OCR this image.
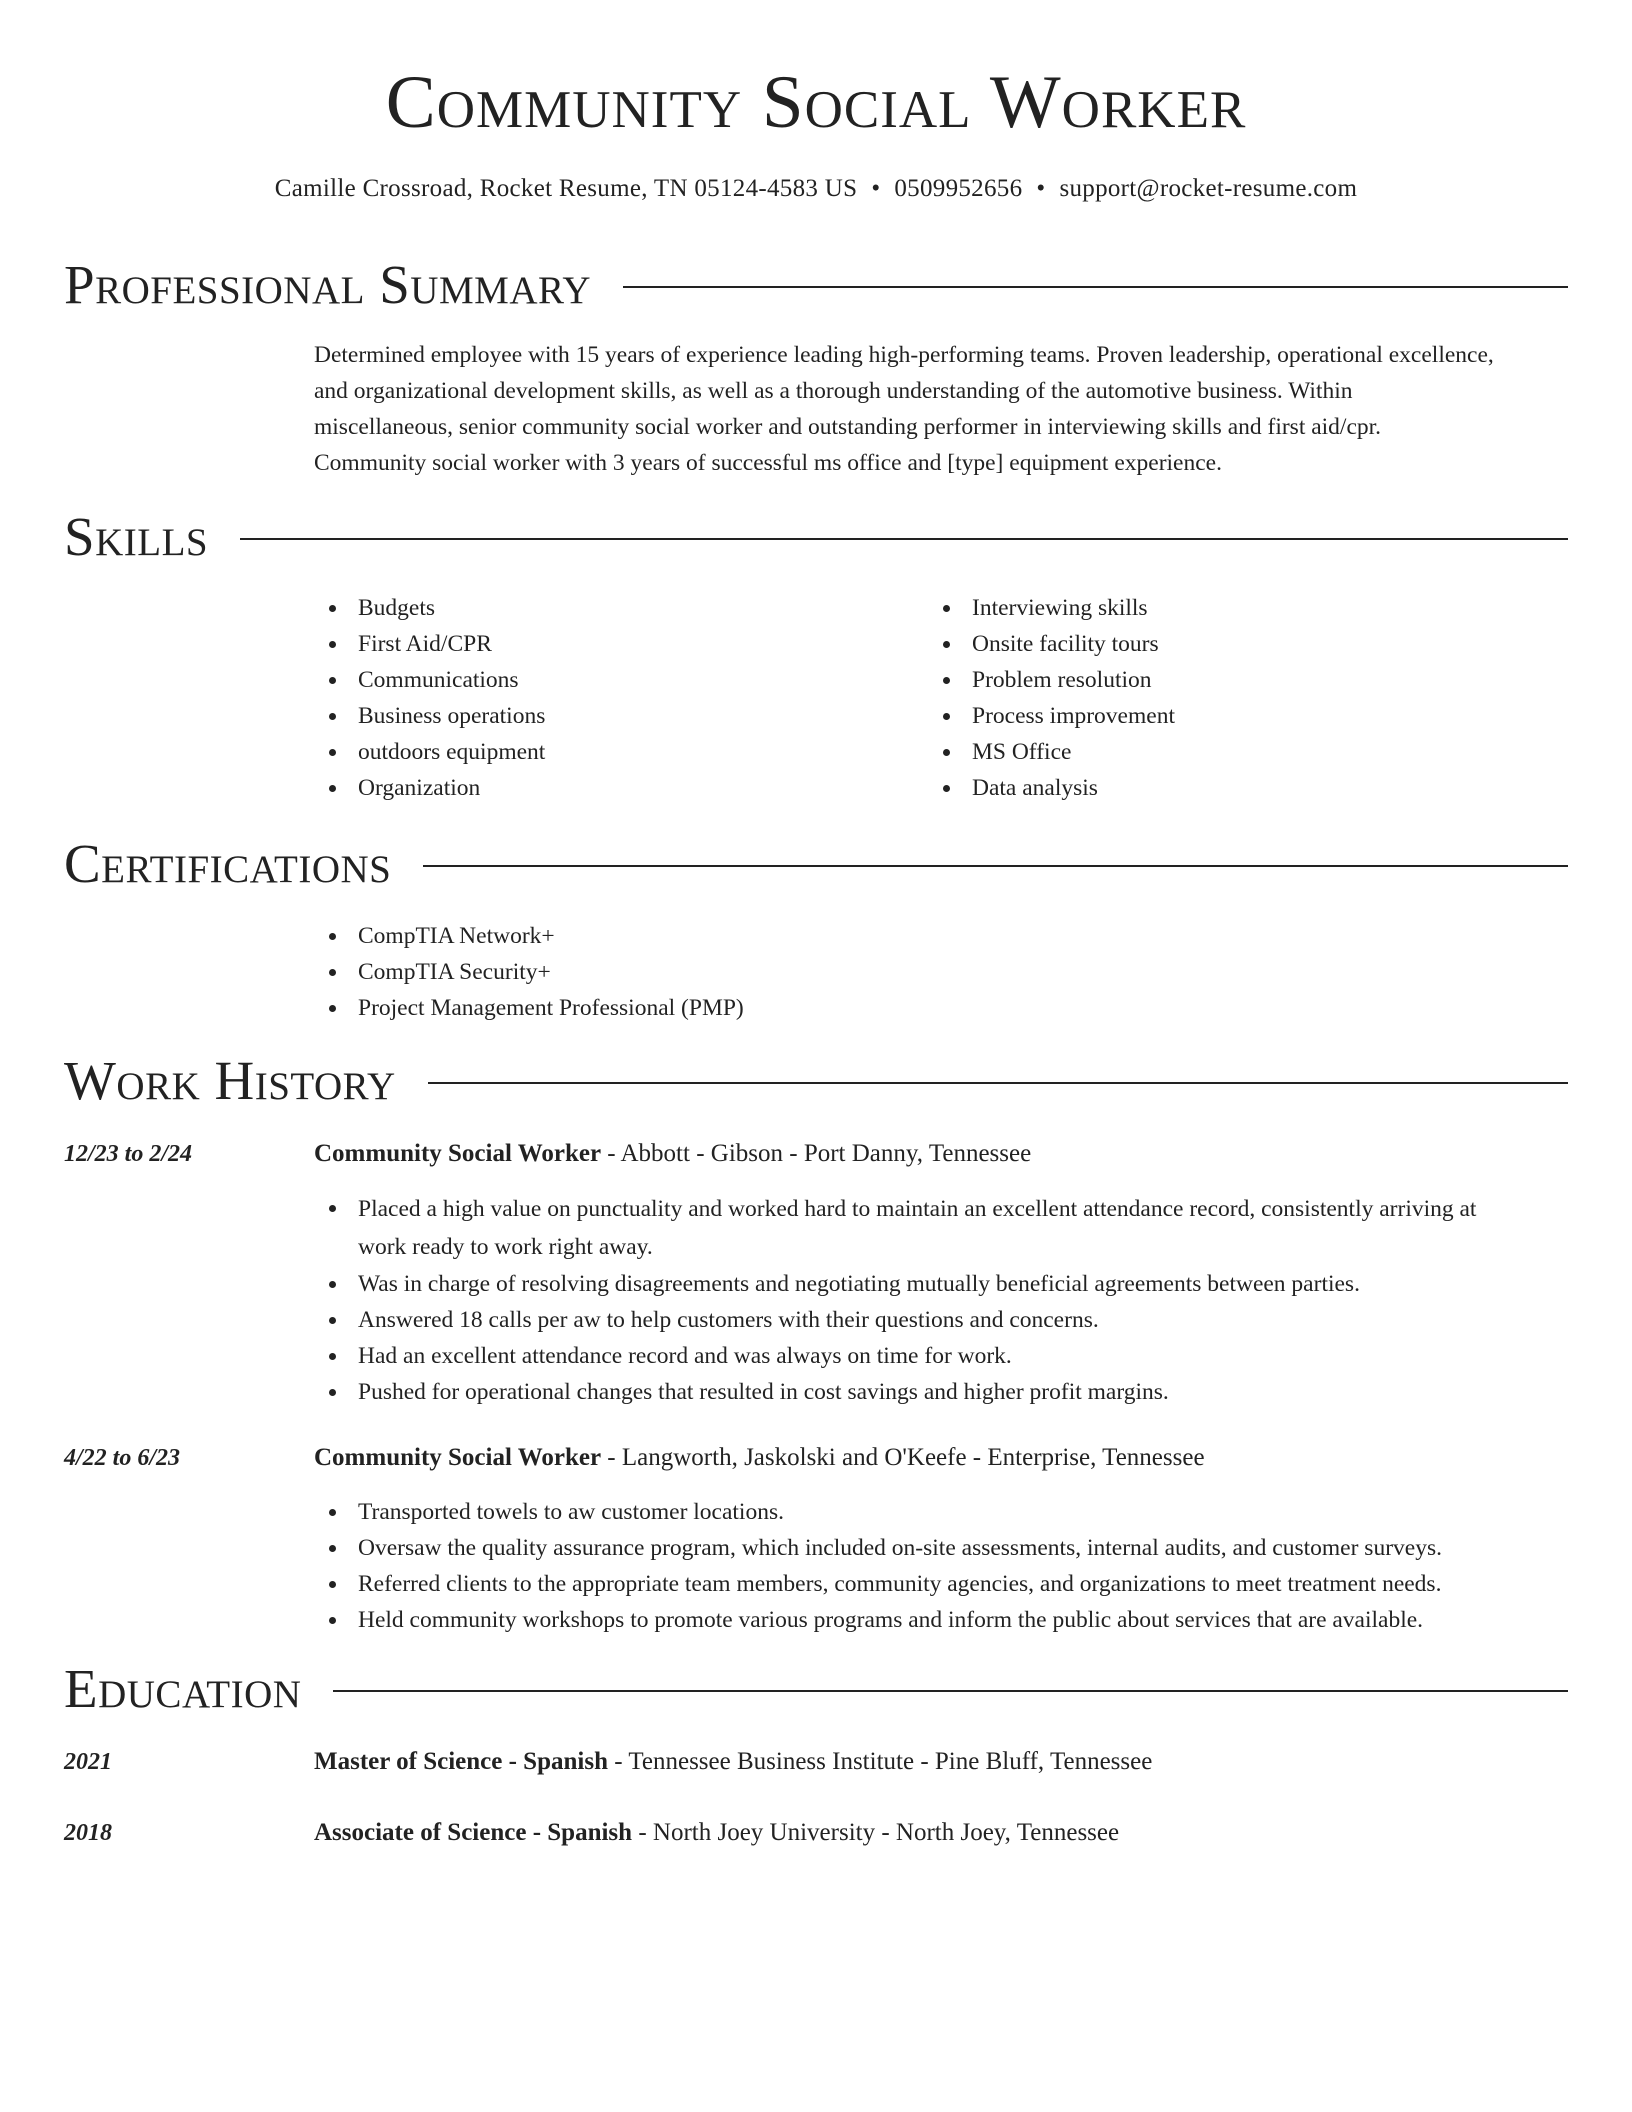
Community Social Worker
Camille Crossroad, Rocket Resume, TN 05124-4583 US • 0509952656 • support@rocket-resume.com
Professional Summary
Determined employee with 15 years of experience leading high-performing teams. Proven leadership, operational excellence,
and organizational development skills, as well as a thorough understanding of the automotive business. Within
miscellaneous, senior community social worker and outstanding performer in interviewing skills and first aid/cpr.
Community social worker with 3 years of successful ms office and [type] equipment experience.
Skills
Budgets
First Aid/CPR
Communications
Business operations
outdoors equipment
Organization
Interviewing skills
Onsite facility tours
Problem resolution
Process improvement
MS Office
Data analysis
Certifications
CompTIA Network+
CompTIA Security+
Project Management Professional (PMP)
Work History
12/23 to 2/24	Community Social Worker - Abbott - Gibson - Port Danny, Tennessee
Placed a high value on punctuality and worked hard to maintain an excellent attendance record, consistently arriving at
work ready to work right away.
Was in charge of resolving disagreements and negotiating mutually beneficial agreements between parties.
Answered 18 calls per aw to help customers with their questions and concerns.
Had an excellent attendance record and was always on time for work.
Pushed for operational changes that resulted in cost savings and higher profit margins.
4/22 to 6/23	Community Social Worker - Langworth, Jaskolski and O'Keefe - Enterprise, Tennessee
Transported towels to aw customer locations.
Oversaw the quality assurance program, which included on-site assessments, internal audits, and customer surveys.
Referred clients to the appropriate team members, community agencies, and organizations to meet treatment needs.
Held community workshops to promote various programs and inform the public about services that are available.
Education
2021	Master of Science - Spanish - Tennessee Business Institute - Pine Bluff, Tennessee
2018	Associate of Science - Spanish - North Joey University - North Joey, Tennessee
